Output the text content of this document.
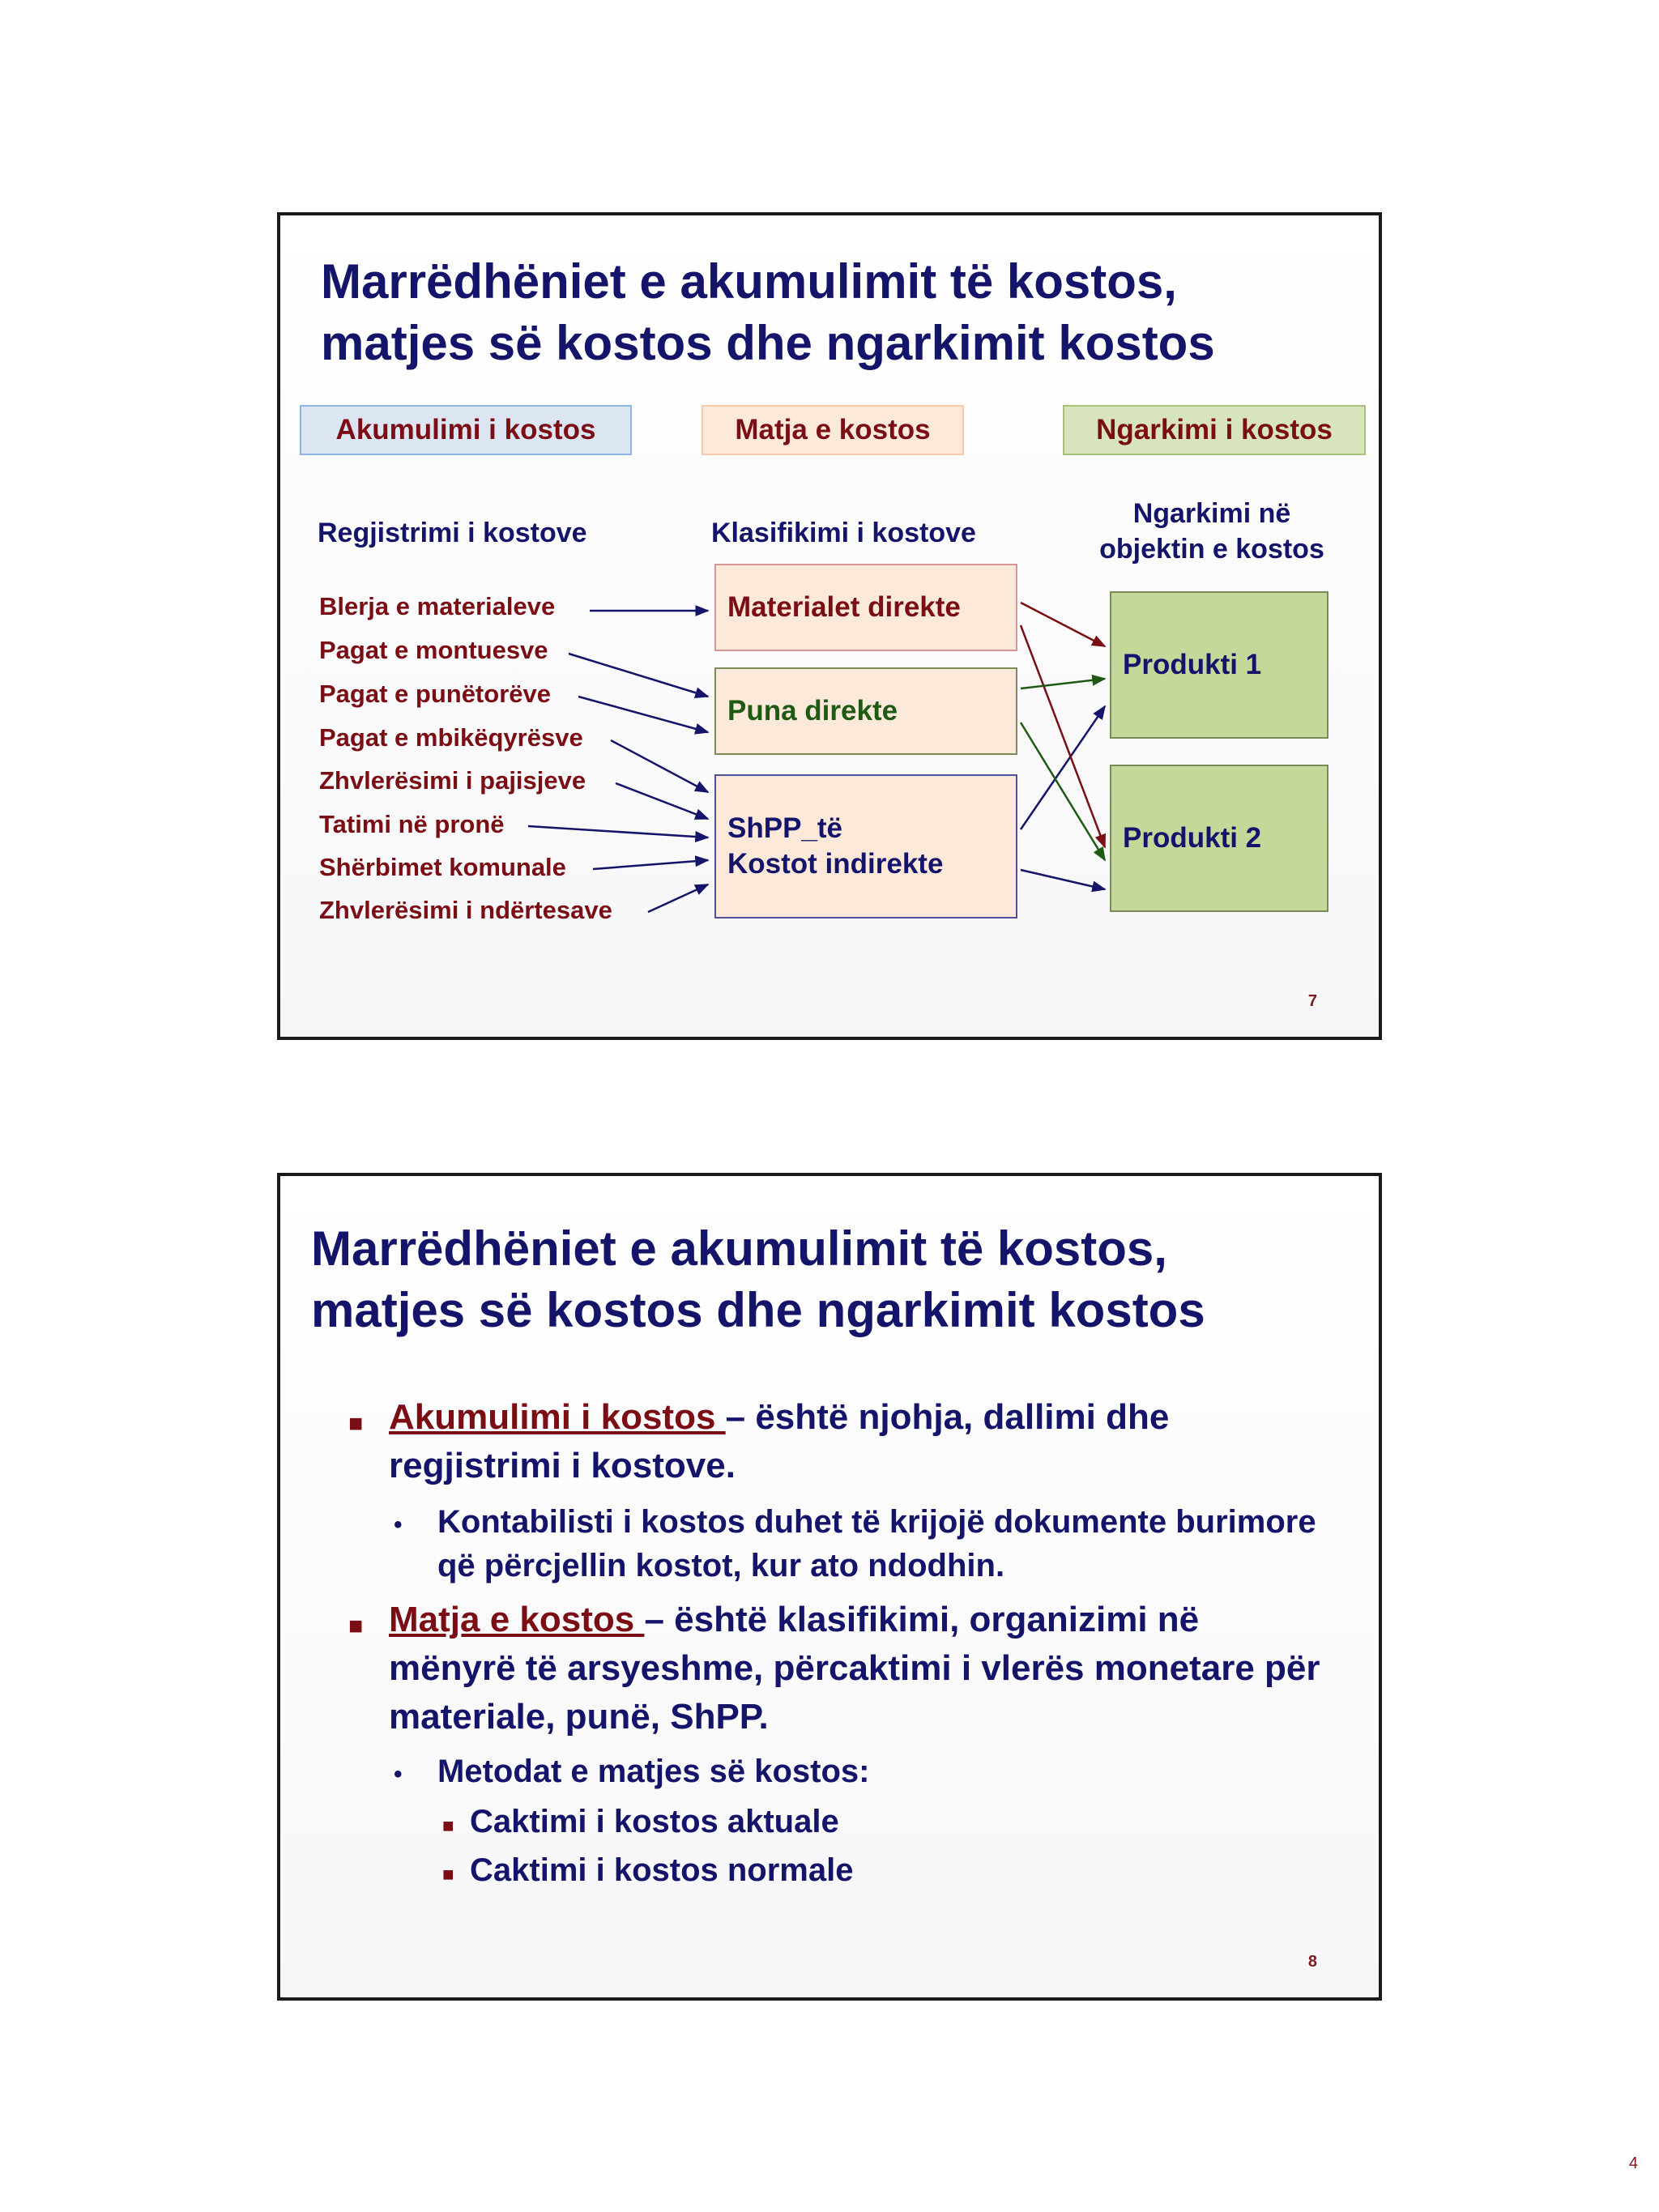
Marrëdhëniet e akumulimit të kostos,
matjes së kostos dhe ngarkimit kostos
Akumulimi i kostos	Matja e kostos	Ngarkimi i kostos
Regjistrimi i kostove	Klasifikimi i kostove
Ngarkimi në
objektin e kostos
Blerja e materialeve
Pagat e montuesve
Pagat e punëtorëve
Pagat e mbikëqyrësve
Zhvlerësimi i pajisjeve
Tatimi në pronë
Shërbimet komunale
Zhvlerësimi i ndërtesave
Materialet direkte
Puna direkte
ShPP_të
Kostot indirekte
Produkti 1
Produkti 2
7
Marrëdhëniet e akumulimit të kostos,
matjes së kostos dhe ngarkimit kostos
■ Akumulimi i kostos – është njohja, dallimi dhe regjistrimi i kostove.
• Kontabilisti i kostos duhet të krijojë dokumente burimore që përcjellin kostot, kur ato ndodhin.
■ Matja e kostos – është klasifikimi, organizimi në mënyrë të arsyeshme, përcaktimi i vlerës monetare për materiale, punë, ShPP.
• Metodat e matjes së kostos:
■ Caktimi i kostos aktuale
■ Caktimi i kostos normale
8
4
